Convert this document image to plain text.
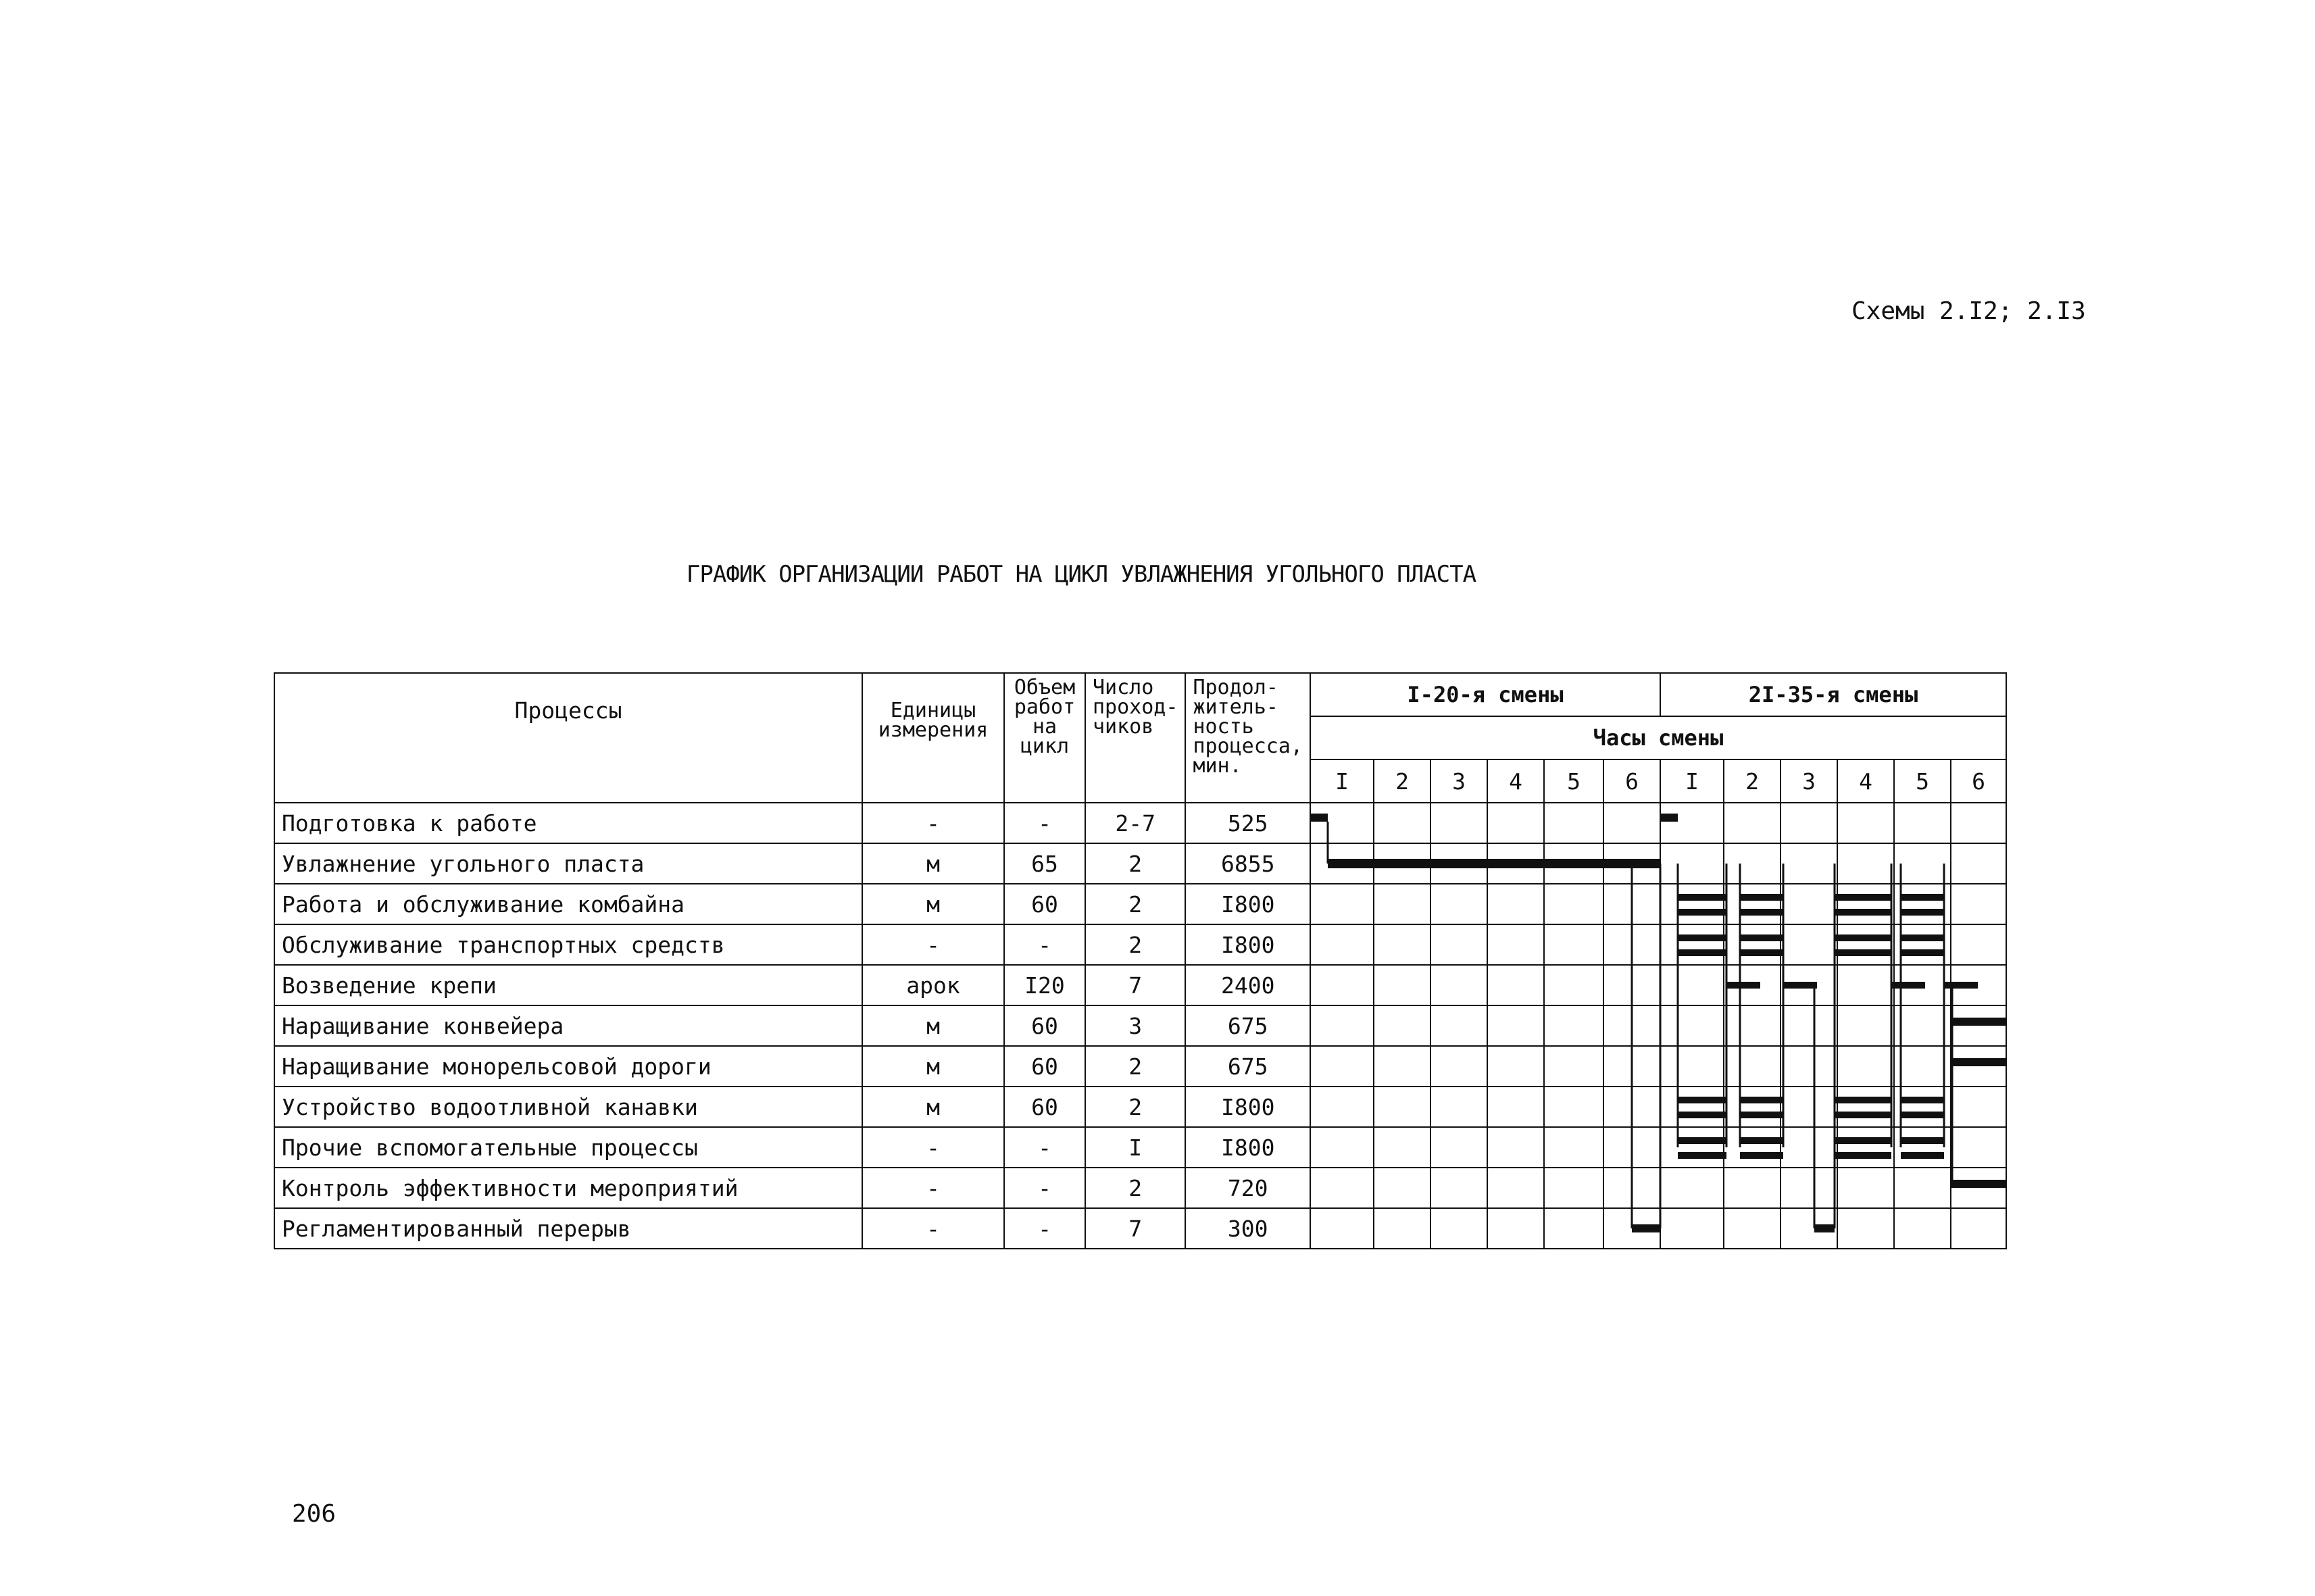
Схемы 2.I2; 2.I3
ГРАФИК ОРГАНИЗАЦИИ РАБОТ НА ЦИКЛ УВЛАЖНЕНИЯ УГОЛЬНОГО ПЛАСТА
Процессы	Единицы измерения	Объем работ на цикл	Число проход-чиков	Продол-житель-ность процесса, мин.	I-20-я смены						2I-35-я смены					
					Часы смены											
					I	2	3	4	5	6	I	2	3	4	5	6
Подготовка к работе	-	-	2-7	525												
Увлажнение угольного пласта	м	65	2	6855												
Работа и обслуживание комбайна	м	60	2	I800												
Обслуживание транспортных средств	-	-	2	I800												
Возведение крепи	арок	I20	7	2400												
Наращивание конвейера	м	60	3	675												
Наращивание монорельсовой дороги	м	60	2	675												
Устройство водоотливной канавки	м	60	2	I800												
Прочие вспомогательные процессы	-	-	I	I800												
Контроль эффективности мероприятий	-	-	2	720												
Регламентированный перерыв	-	-	7	300												
206
